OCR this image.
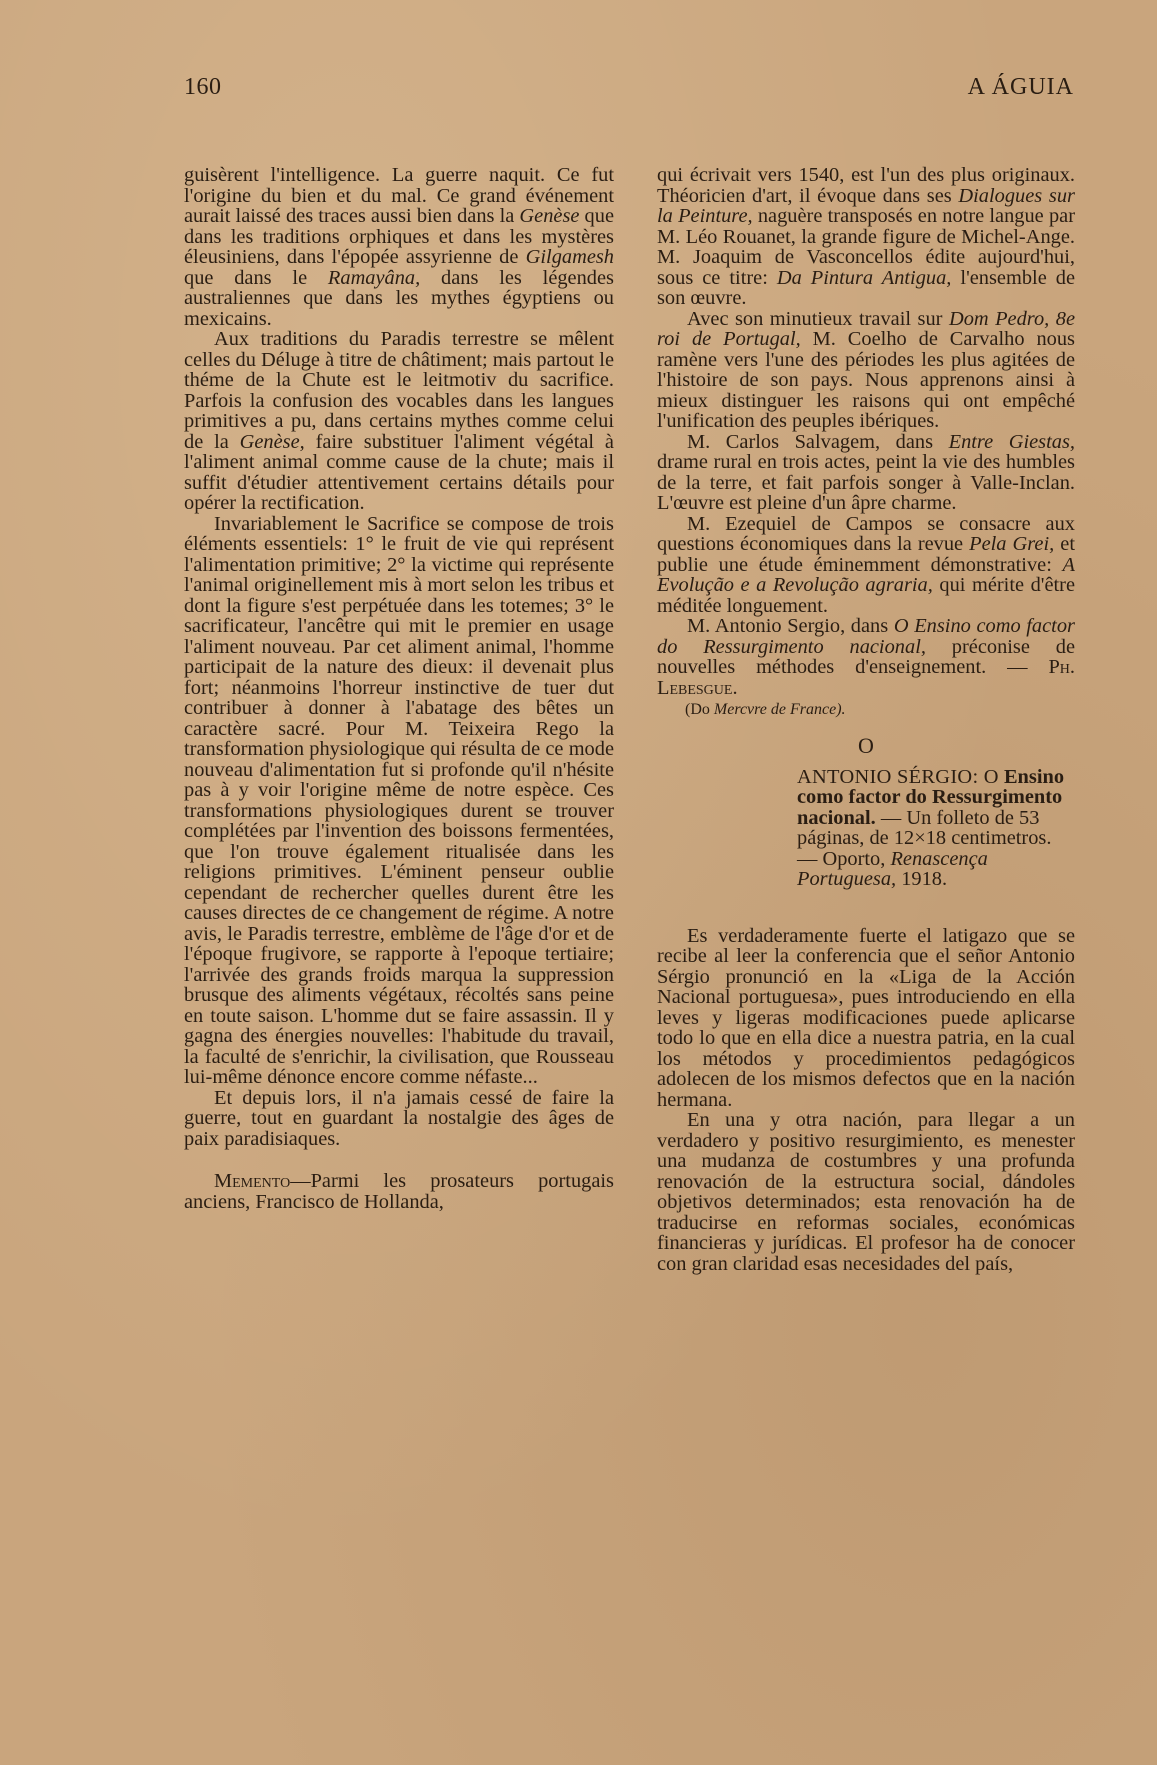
160	A ÁGUIA

guisèrent l'intelligence. La guerre naquit. Ce fut l'origine du bien et du mal. Ce grand événement aurait laissé des traces aussi bien dans la Genèse que dans les traditions orphiques et dans les mystères éleusiniens, dans l'épopée assyrienne de Gilgamesh que dans le Ramayâna, dans les légendes australiennes que dans les mythes égyptiens ou mexicains.

Aux traditions du Paradis terrestre se mêlent celles du Déluge à titre de châtiment; mais partout le théme de la Chute est le leitmotiv du sacrifice. Parfois la confusion des vocables dans les langues primitives a pu, dans certains mythes comme celui de la Genèse, faire substituer l'aliment végétal à l'aliment animal comme cause de la chute; mais il suffit d'étudier attentivement certains détails pour opérer la rectification.

Invariablement le Sacrifice se compose de trois éléments essentiels: 1° le fruit de vie qui représent l'alimentation primitive; 2° la victime qui représente l'animal originellement mis à mort selon les tribus et dont la figure s'est perpétuée dans les totemes; 3° le sacrificateur, l'ancêtre qui mit le premier en usage l'aliment nouveau. Par cet aliment animal, l'homme participait de la nature des dieux: il devenait plus fort; néanmoins l'horreur instinctive de tuer dut contribuer à donner à l'abatage des bêtes un caractère sacré. Pour M. Teixeira Rego la transformation physiologique qui résulta de ce mode nouveau d'alimentation fut si profonde qu'il n'hésite pas à y voir l'origine même de notre espèce. Ces transformations physiologiques durent se trouver complétées par l'invention des boissons fermentées, que l'on trouve également ritualisée dans les religions primitives. L'éminent penseur oublie cependant de rechercher quelles durent être les causes directes de ce changement de régime. A notre avis, le Paradis terrestre, emblème de l'âge d'or et de l'époque frugivore, se rapporte à l'epoque tertiaire; l'arrivée des grands froids marqua la suppression brusque des aliments végétaux, récoltés sans peine en toute saison. L'homme dut se faire assassin. Il y gagna des énergies nouvelles: l'habitude du travail, la faculté de s'enrichir, la civilisation, que Rousseau lui-même dénonce encore comme néfaste...

Et depuis lors, il n'a jamais cessé de faire la guerre, tout en guardant la nostalgie des âges de paix paradisiaques.

Memento—Parmi les prosateurs portugais anciens, Francisco de Hollanda,

qui écrivait vers 1540, est l'un des plus originaux. Théoricien d'art, il évoque dans ses Dialogues sur la Peinture, naguère transposés en notre langue par M. Léo Rouanet, la grande figure de Michel-Ange. M. Joaquim de Vasconcellos édite aujourd'hui, sous ce titre: Da Pintura Antigua, l'ensemble de son œuvre.

Avec son minutieux travail sur Dom Pedro, 8e roi de Portugal, M. Coelho de Carvalho nous ramène vers l'une des périodes les plus agitées de l'histoire de son pays. Nous apprenons ainsi à mieux distinguer les raisons qui ont empêché l'unification des peuples ibériques.

M. Carlos Salvagem, dans Entre Giestas, drame rural en trois actes, peint la vie des humbles de la terre, et fait parfois songer à Valle-Inclan. L'œuvre est pleine d'un âpre charme.

M. Ezequiel de Campos se consacre aux questions économiques dans la revue Pela Grei, et publie une étude éminemment démonstrative: A Evolução e a Revolução agraria, qui mérite d'être méditée longuement.

M. Antonio Sergio, dans O Ensino como factor do Ressurgimento nacional, préconise de nouvelles méthodes d'enseignement. — Ph. Lebesgue.

(Do Mercvre de France).

O

ANTONIO SÉRGIO: O Ensino como factor do Ressurgimento nacional. — Un folleto de 53 páginas, de 12×18 centimetros. — Oporto, Renascença Portuguesa, 1918.

Es verdaderamente fuerte el latigazo que se recibe al leer la conferencia que el señor Antonio Sérgio pronunció en la «Liga de la Acción Nacional portuguesa», pues introduciendo en ella leves y ligeras modificaciones puede aplicarse todo lo que en ella dice a nuestra patria, en la cual los métodos y procedimientos pedagógicos adolecen de los mismos defectos que en la nación hermana.

En una y otra nación, para llegar a un verdadero y positivo resurgimiento, es menester una mudanza de costumbres y una profunda renovación de la estructura social, dándoles objetivos determinados; esta renovación ha de traducirse en reformas sociales, económicas financieras y jurídicas. El profesor ha de conocer con gran claridad esas necesidades del país,
